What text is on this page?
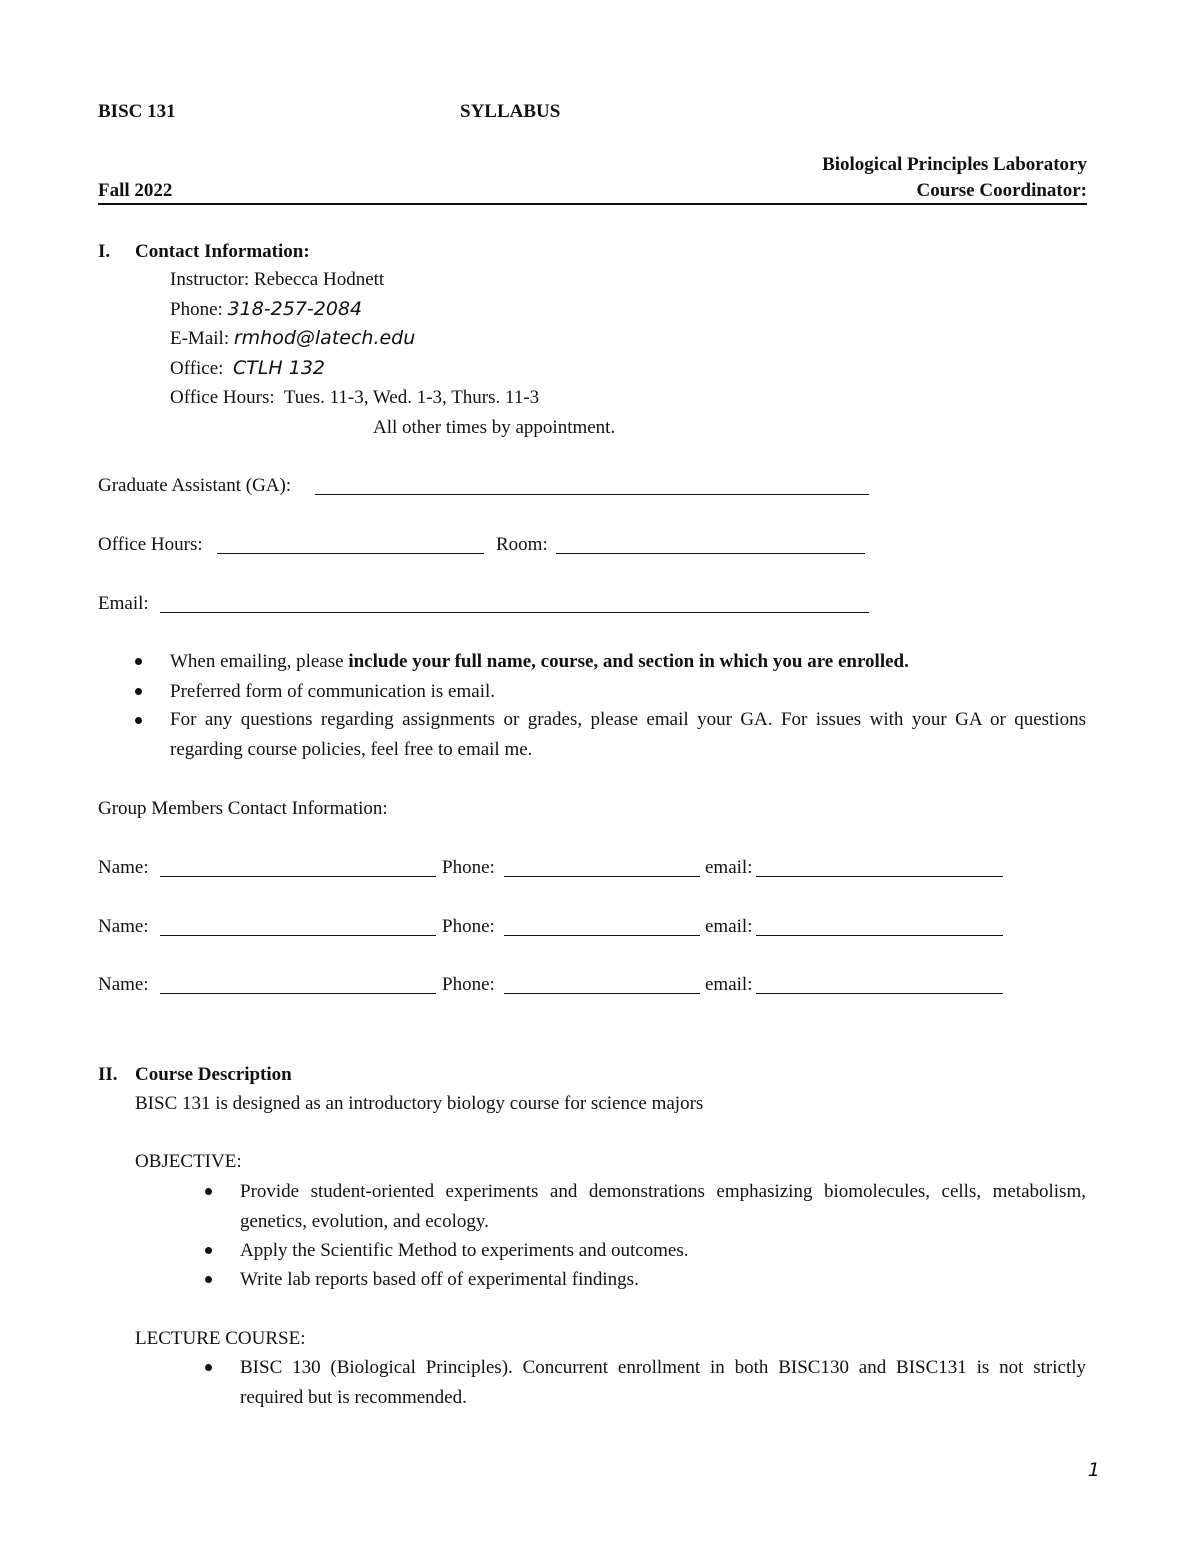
BISC 131	SYLLABUS
Biological Principles Laboratory
Fall 2022	Course Coordinator:
I. Contact Information:
Instructor: Rebecca Hodnett
Phone: 318-257-2084
E-Mail: rmhod@latech.edu
Office: CTLH 132
Office Hours: Tues. 11-3, Wed. 1-3, Thurs. 11-3
All other times by appointment.
Graduate Assistant (GA):
Office Hours:	Room:
Email:
When emailing, please include your full name, course, and section in which you are enrolled.
Preferred form of communication is email.
For any questions regarding assignments or grades, please email your GA. For issues with your GA or questions regarding course policies, feel free to email me.
Group Members Contact Information:
Name:	Phone:	email:
Name:	Phone:	email:
Name:	Phone:	email:
II. Course Description
BISC 131 is designed as an introductory biology course for science majors
OBJECTIVE:
Provide student-oriented experiments and demonstrations emphasizing biomolecules, cells, metabolism, genetics, evolution, and ecology.
Apply the Scientific Method to experiments and outcomes.
Write lab reports based off of experimental findings.
LECTURE COURSE:
BISC 130 (Biological Principles). Concurrent enrollment in both BISC130 and BISC131 is not strictly required but is recommended.
1
